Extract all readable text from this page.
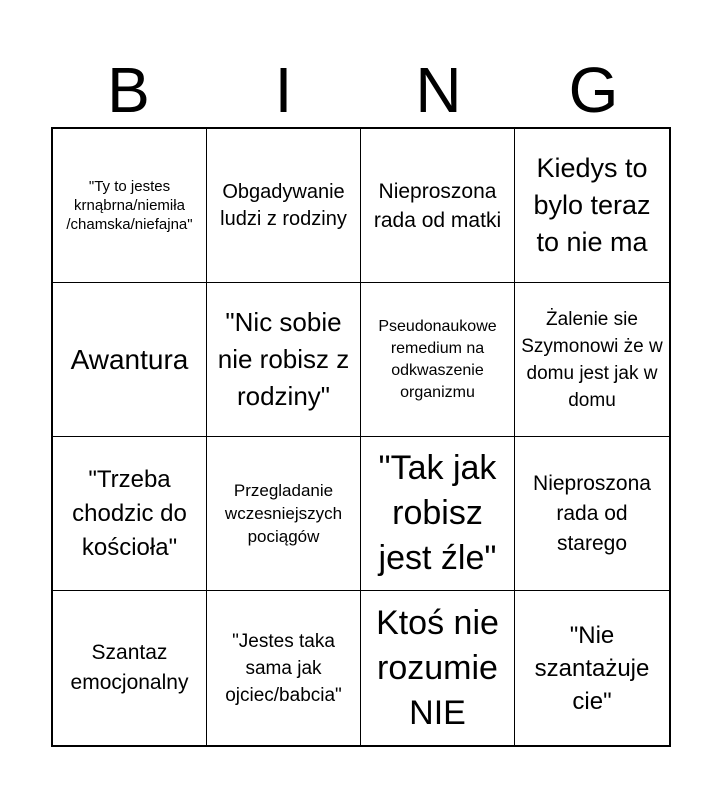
B	I	N	G
"Ty to jestes krnąbrna/niemiła /chamska/niefajna"
Obgadywanie ludzi z rodziny
Nieproszona rada od matki
Kiedys to bylo teraz to nie ma
Awantura
"Nic sobie nie robisz z rodziny"
Pseudonaukowe remedium na odkwaszenie organizmu
Żalenie sie Szymonowi że w domu jest jak w domu
"Trzeba chodzic do kościoła"
Przegladanie wczesniejszych pociągów
"Tak jak robisz jest źle"
Nieproszona rada od starego
Szantaz emocjonalny
"Jestes taka sama jak ojciec/babcia"
Ktoś nie rozumie NIE
"Nie szantażuje cie"
